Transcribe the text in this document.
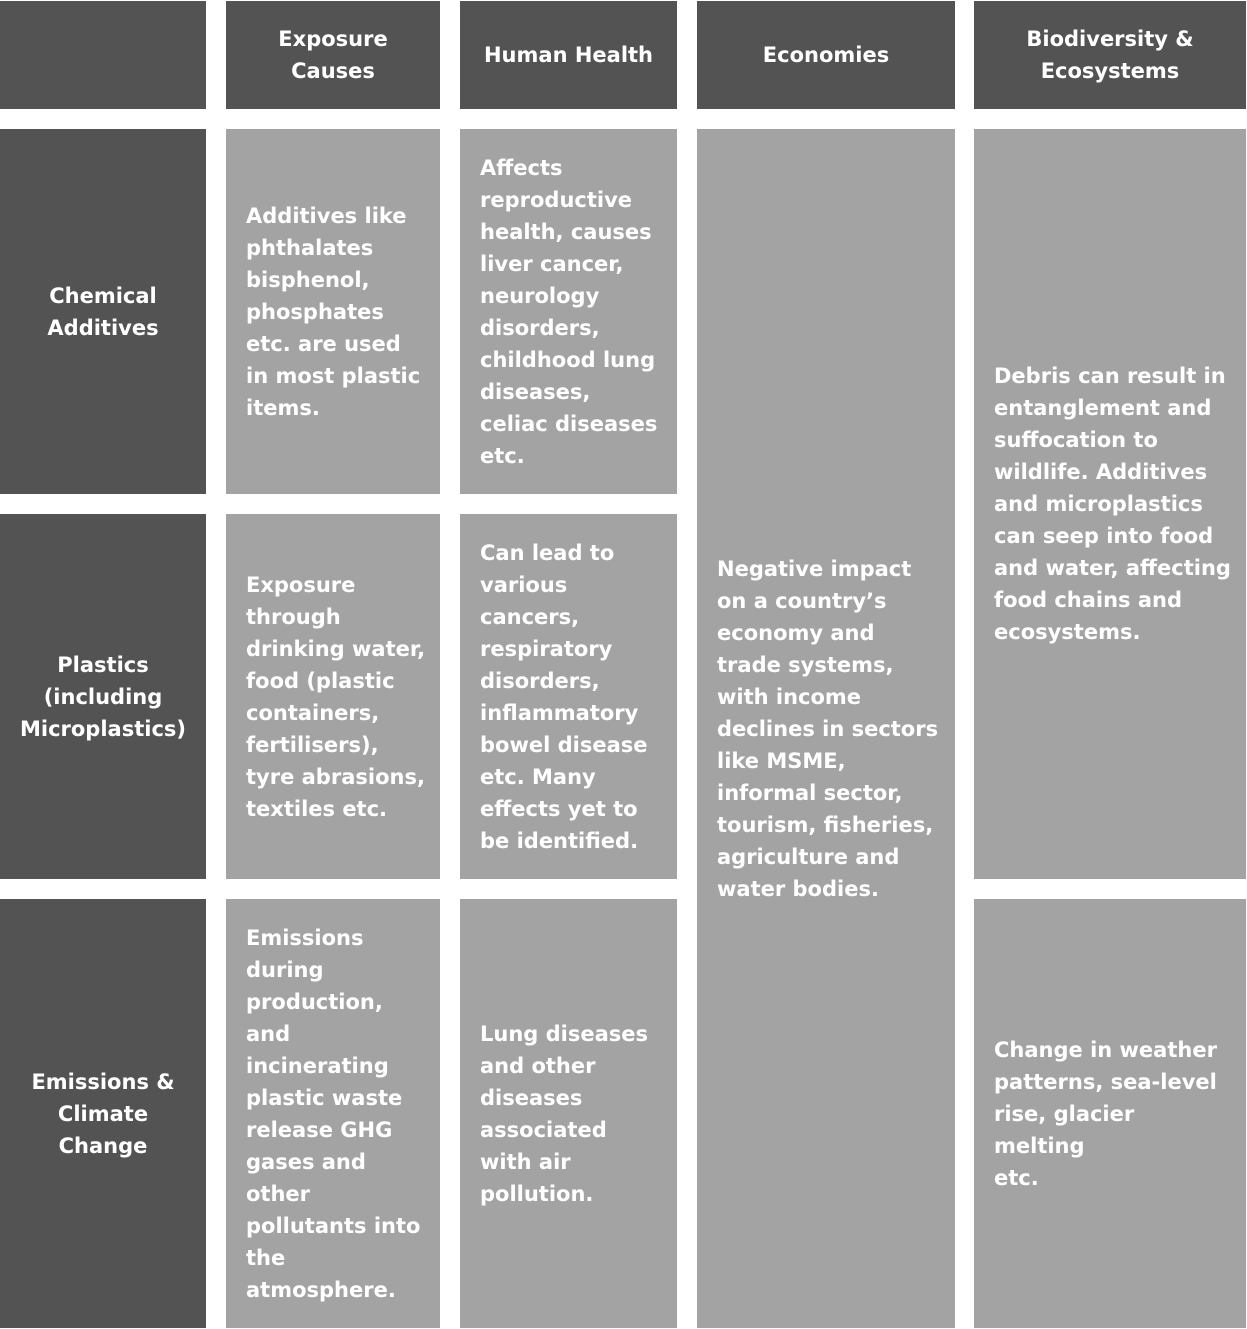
Exposure
Causes
Human Health	Economies
Biodiversity &
Ecosystems
Chemical
Additives
Additives like
phthalates
bisphenol,
phosphates
etc. are used
in most plastic
items.
Affects
reproductive
health, causes
liver cancer,
neurology
disorders,
childhood lung
diseases,
celiac diseases
etc.
Plastics
(including
Microplastics)
Exposure
through
drinking water,
food (plastic
containers,
fertilisers),
tyre abrasions,
textiles etc.
Can lead to
various
cancers,
respiratory
disorders,
inflammatory
bowel disease
etc. Many
effects yet to
be identified.
Emissions &
Climate
Change
Emissions
during
production,
and
incinerating
plastic waste
release GHG
gases and
other
pollutants into
the
atmosphere.
Lung diseases
and other
diseases
associated
with air
pollution.
Negative impact
on a country’s
economy and
trade systems,
with income
declines in sectors
like MSME,
informal sector,
tourism, fisheries,
agriculture and
water bodies.
Debris can result in
entanglement and
suffocation to
wildlife. Additives
and microplastics
can seep into food
and water, affecting
food chains and
ecosystems.
Change in weather
patterns, sea-level
rise, glacier melting
etc.
